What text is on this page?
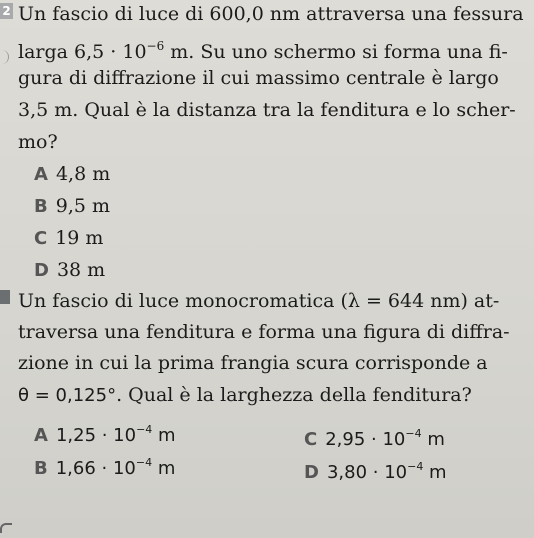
2 Un fascio di luce di 600,0 nm attraversa una fessura
larga $6,5 \cdot 10^{-6}$ m. Su uno schermo si forma una fi-
gura di diffrazione il cui massimo centrale è largo
3,5 m. Qual è la distanza tra la fenditura e lo scher-
mo?
A 4,8 m
B 9,5 m
C 19 m
D 38 m
Un fascio di luce monocromatica (λ = 644 nm) at-
traversa una fenditura e forma una figura di diffra-
zione in cui la prima frangia scura corrisponde a
θ = 0,125°. Qual è la larghezza della fenditura?
A $1,25 \cdot 10^{-4}$ m	C $2,95 \cdot 10^{-4}$ m
B $1,66 \cdot 10^{-4}$ m	D $3,80 \cdot 10^{-4}$ m
